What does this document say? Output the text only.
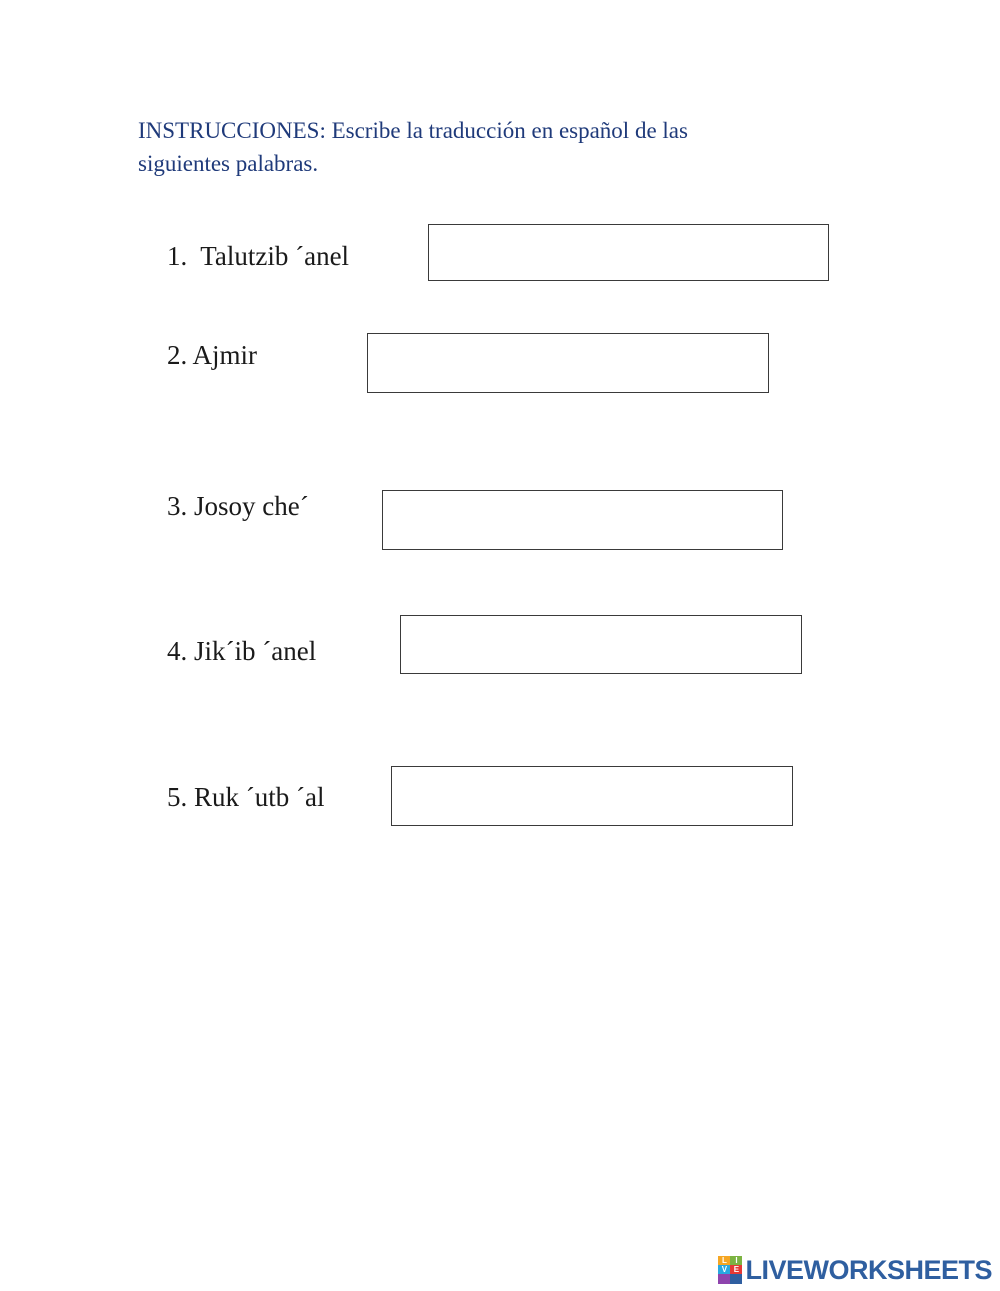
INSTRUCCIONES: Escribe la traducción en español de las
siguientes palabras.

1.  Talutzib ´anel
2. Ajmir
3. Josoy che´
4. Jik´ib ´anel
5. Ruk ´utb ´al
L	I
V E LIVEWORKSHEETS
